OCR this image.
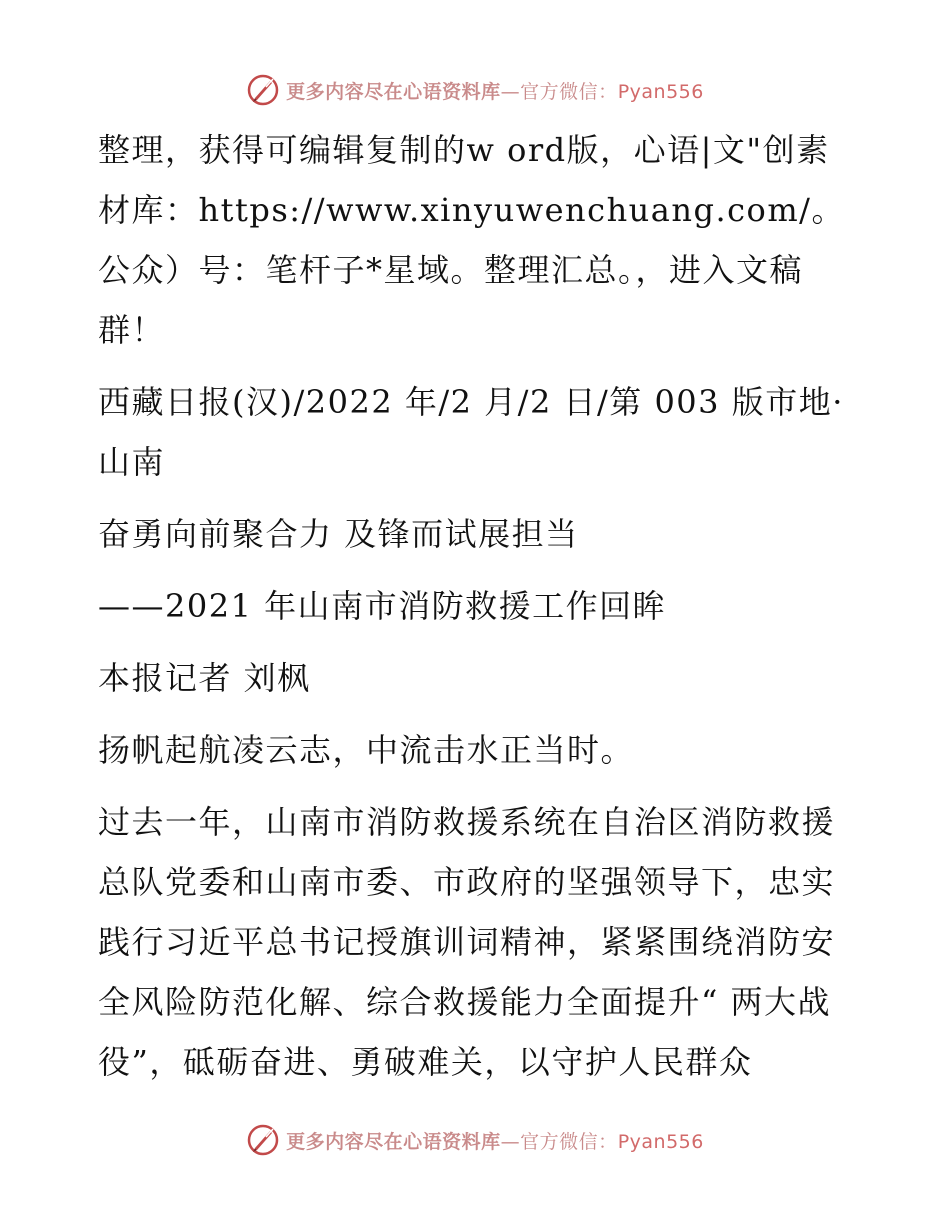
更多内容尽在心语资料库—官方微信：Pyan556

整理，获得可编辑复制的w ord版，心语|文"创素材库：https://www.xinyuwenchuang.com/。公众）号：笔杆子*星域。整理汇总。，进入文稿群！

西藏日报(汉)/2022 年/2 月/2 日/第 003 版市地· 山南

奋勇向前聚合力 及锋而试展担当

——2021 年山南市消防救援工作回眸

本报记者 刘枫

扬帆起航凌云志，中流击水正当时。

过去一年，山南市消防救援系统在自治区消防救援总队党委和山南市委、市政府的坚强领导下，忠实践行习近平总书记授旗训词精神，紧紧围绕消防安全风险防范化解、综合救援能力全面提升“ 两大战役”，砥砺奋进、勇破难关，以守护人民群众

更多内容尽在心语资料库—官方微信：Pyan556
